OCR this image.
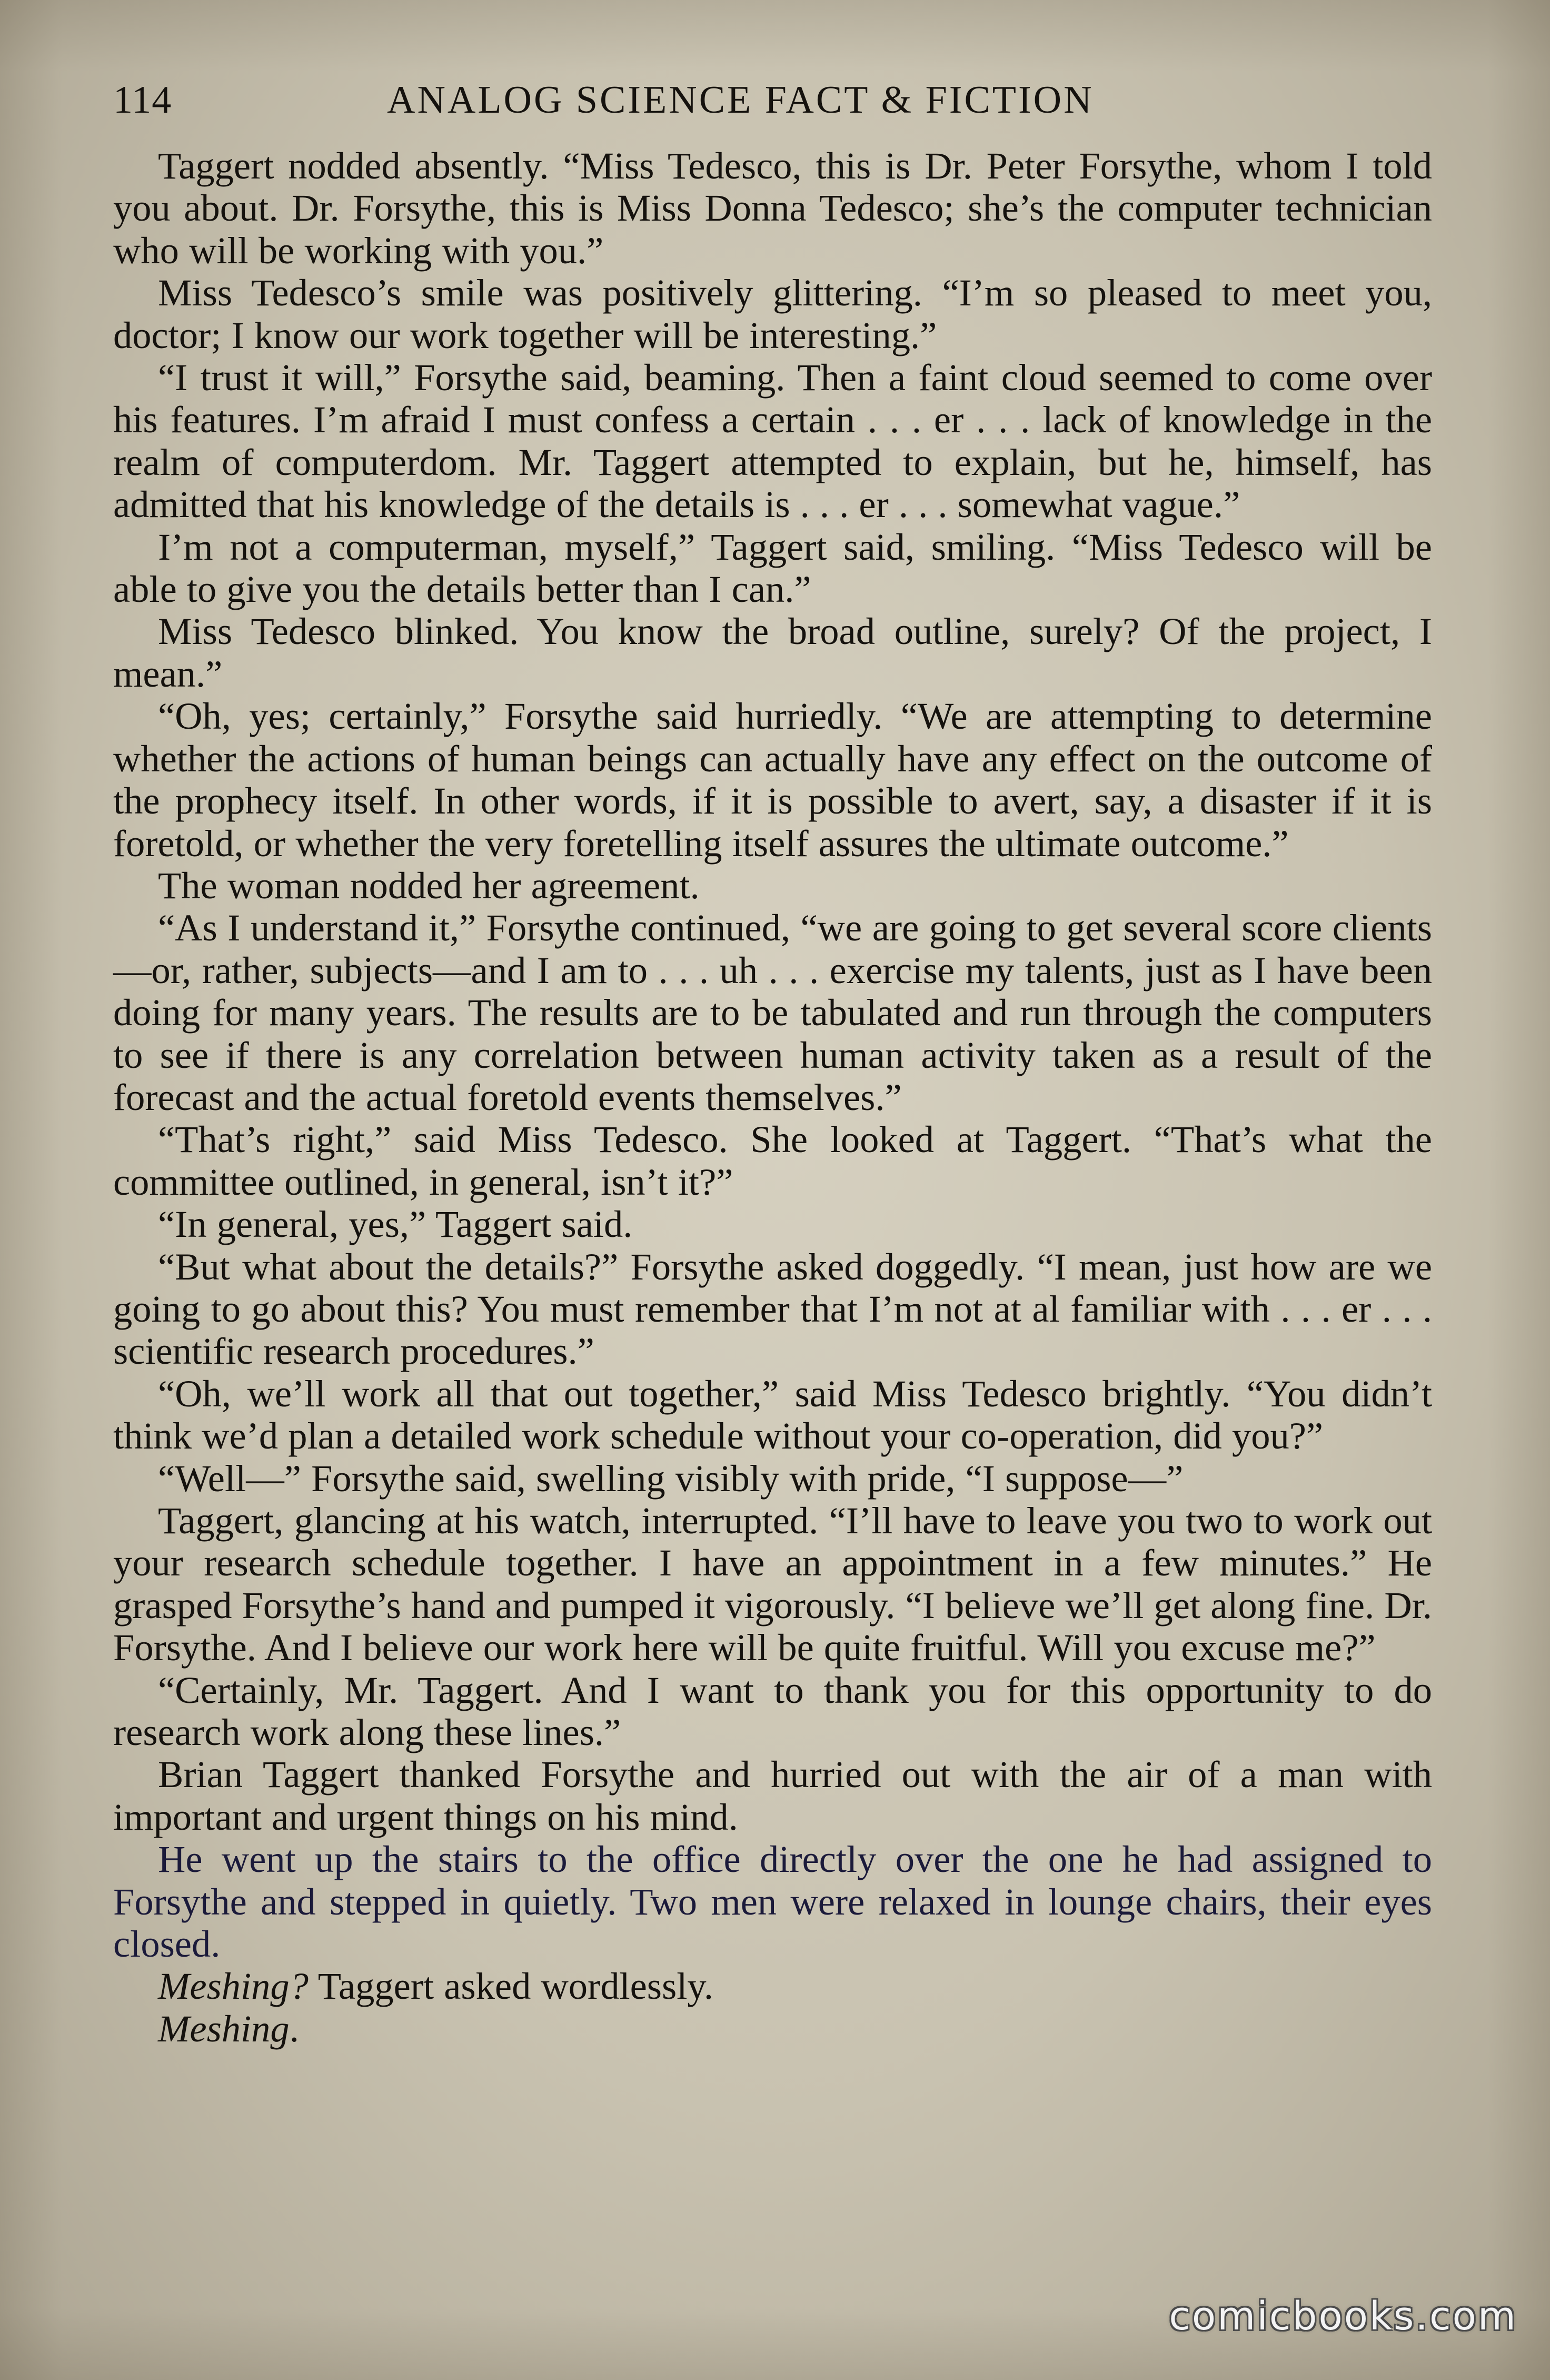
114	ANALOG SCIENCE FACT & FICTION

Taggert nodded absently. “Miss Tedesco, this is Dr. Peter Forsythe, whom I told you about. Dr. Forsythe, this is Miss Donna Tedesco; she’s the computer technician who will be working with you.”

Miss Tedesco’s smile was positively glittering. “I’m so pleased to meet you, doctor; I know our work together will be interesting.”

“I trust it will,” Forsythe said, beaming. Then a faint cloud seemed to come over his features. I’m afraid I must confess a certain . . . er . . . lack of knowledge in the realm of computerdom. Mr. Taggert attempted to explain, but he, himself, has admitted that his knowledge of the details is . . . er . . . somewhat vague.”

I’m not a computerman, myself,” Taggert said, smiling. “Miss Tedesco will be able to give you the details better than I can.”

Miss Tedesco blinked. You know the broad outline, surely? Of the project, I mean.”

“Oh, yes; certainly,” Forsythe said hurriedly. “We are attempting to determine whether the actions of human beings can actually have any effect on the outcome of the prophecy itself. In other words, if it is possible to avert, say, a disaster if it is foretold, or whether the very foretelling itself assures the ultimate outcome.”

The woman nodded her agreement.

“As I understand it,” Forsythe continued, “we are going to get several score clients—or, rather, subjects—and I am to . . . uh . . . exercise my talents, just as I have been doing for many years. The results are to be tabulated and run through the computers to see if there is any correlation between human activity taken as a result of the forecast and the actual foretold events themselves.”

“That’s right,” said Miss Tedesco. She looked at Taggert. “That’s what the committee outlined, in general, isn’t it?”

“In general, yes,” Taggert said.

“But what about the details?” Forsythe asked doggedly. “I mean, just how are we going to go about this? You must remember that I’m not at al familiar with . . . er . . . scientific research procedures.”

“Oh, we’ll work all that out together,” said Miss Tedesco brightly. “You didn’t think we’d plan a detailed work schedule without your co-operation, did you?”

“Well—” Forsythe said, swelling visibly with pride, “I suppose—”

Taggert, glancing at his watch, interrupted. “I’ll have to leave you two to work out your research schedule together. I have an appointment in a few minutes.” He grasped Forsythe’s hand and pumped it vigorously. “I believe we’ll get along fine. Dr. Forsythe. And I believe our work here will be quite fruitful. Will you excuse me?”

“Certainly, Mr. Taggert. And I want to thank you for this opportunity to do research work along these lines.”

Brian Taggert thanked Forsythe and hurried out with the air of a man with important and urgent things on his mind.

He went up the stairs to the office directly over the one he had assigned to Forsythe and stepped in quietly. Two men were relaxed in lounge chairs, their eyes closed.

Meshing? Taggert asked wordlessly.

Meshing.

comicbooks.com
